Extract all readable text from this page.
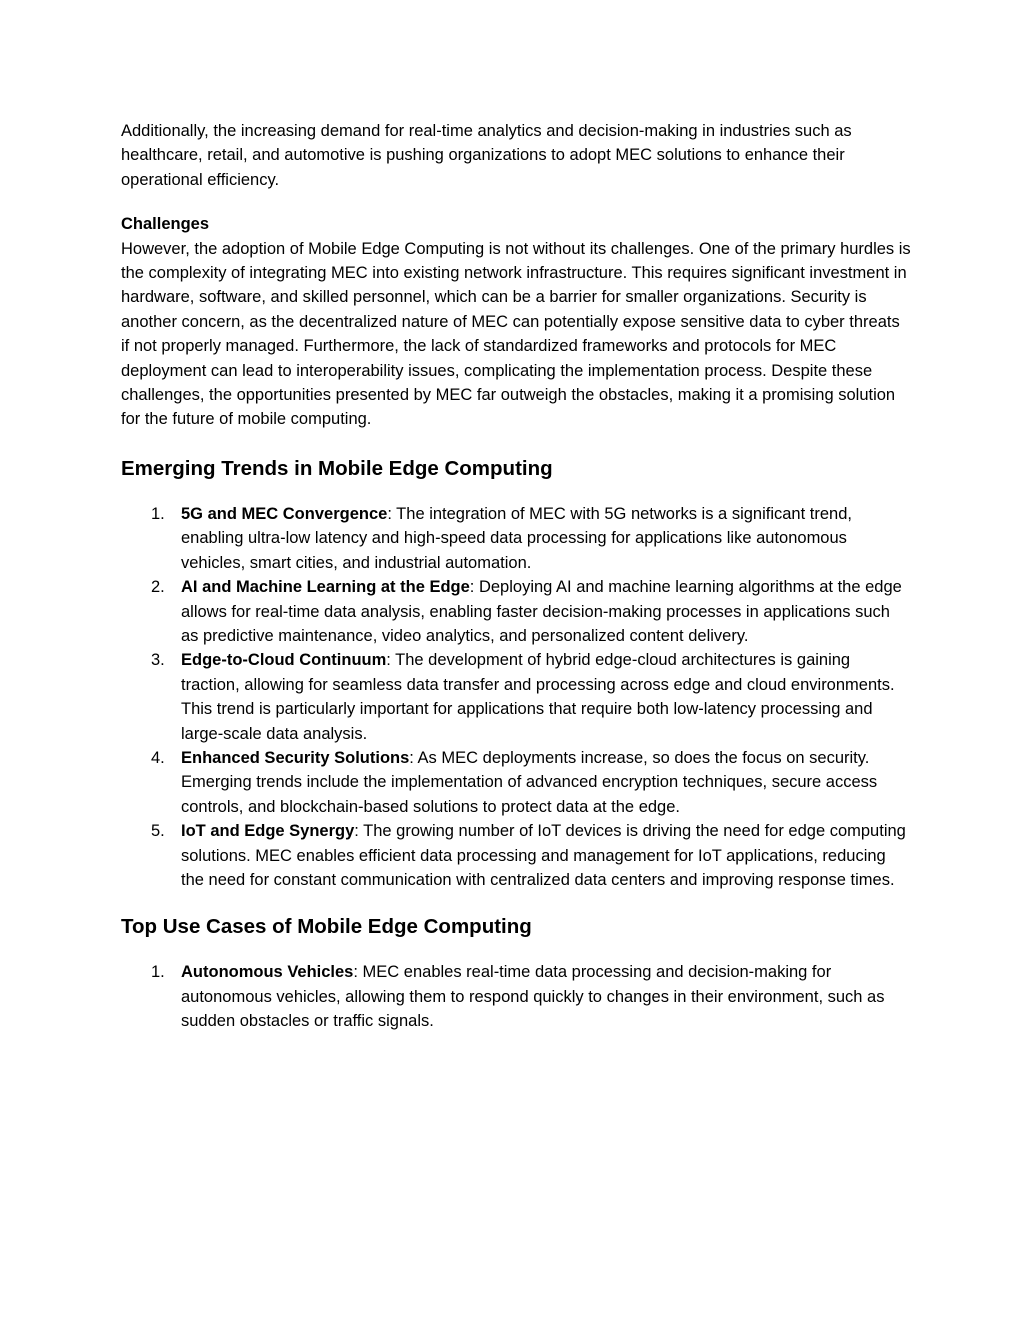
Additionally, the increasing demand for real-time analytics and decision-making in industries such as healthcare, retail, and automotive is pushing organizations to adopt MEC solutions to enhance their operational efficiency.

Challenges

However, the adoption of Mobile Edge Computing is not without its challenges. One of the primary hurdles is the complexity of integrating MEC into existing network infrastructure. This requires significant investment in hardware, software, and skilled personnel, which can be a barrier for smaller organizations. Security is another concern, as the decentralized nature of MEC can potentially expose sensitive data to cyber threats if not properly managed. Furthermore, the lack of standardized frameworks and protocols for MEC deployment can lead to interoperability issues, complicating the implementation process. Despite these challenges, the opportunities presented by MEC far outweigh the obstacles, making it a promising solution for the future of mobile computing.

Emerging Trends in Mobile Edge Computing
1. 5G and MEC Convergence: The integration of MEC with 5G networks is a significant trend, enabling ultra-low latency and high-speed data processing for applications like autonomous vehicles, smart cities, and industrial automation.
2. AI and Machine Learning at the Edge: Deploying AI and machine learning algorithms at the edge allows for real-time data analysis, enabling faster decision-making processes in applications such as predictive maintenance, video analytics, and personalized content delivery.
3. Edge-to-Cloud Continuum: The development of hybrid edge-cloud architectures is gaining traction, allowing for seamless data transfer and processing across edge and cloud environments. This trend is particularly important for applications that require both low-latency processing and large-scale data analysis.
4. Enhanced Security Solutions: As MEC deployments increase, so does the focus on security. Emerging trends include the implementation of advanced encryption techniques, secure access controls, and blockchain-based solutions to protect data at the edge.
5. IoT and Edge Synergy: The growing number of IoT devices is driving the need for edge computing solutions. MEC enables efficient data processing and management for IoT applications, reducing the need for constant communication with centralized data centers and improving response times.
Top Use Cases of Mobile Edge Computing
1. Autonomous Vehicles: MEC enables real-time data processing and decision-making for autonomous vehicles, allowing them to respond quickly to changes in their environment, such as sudden obstacles or traffic signals.
